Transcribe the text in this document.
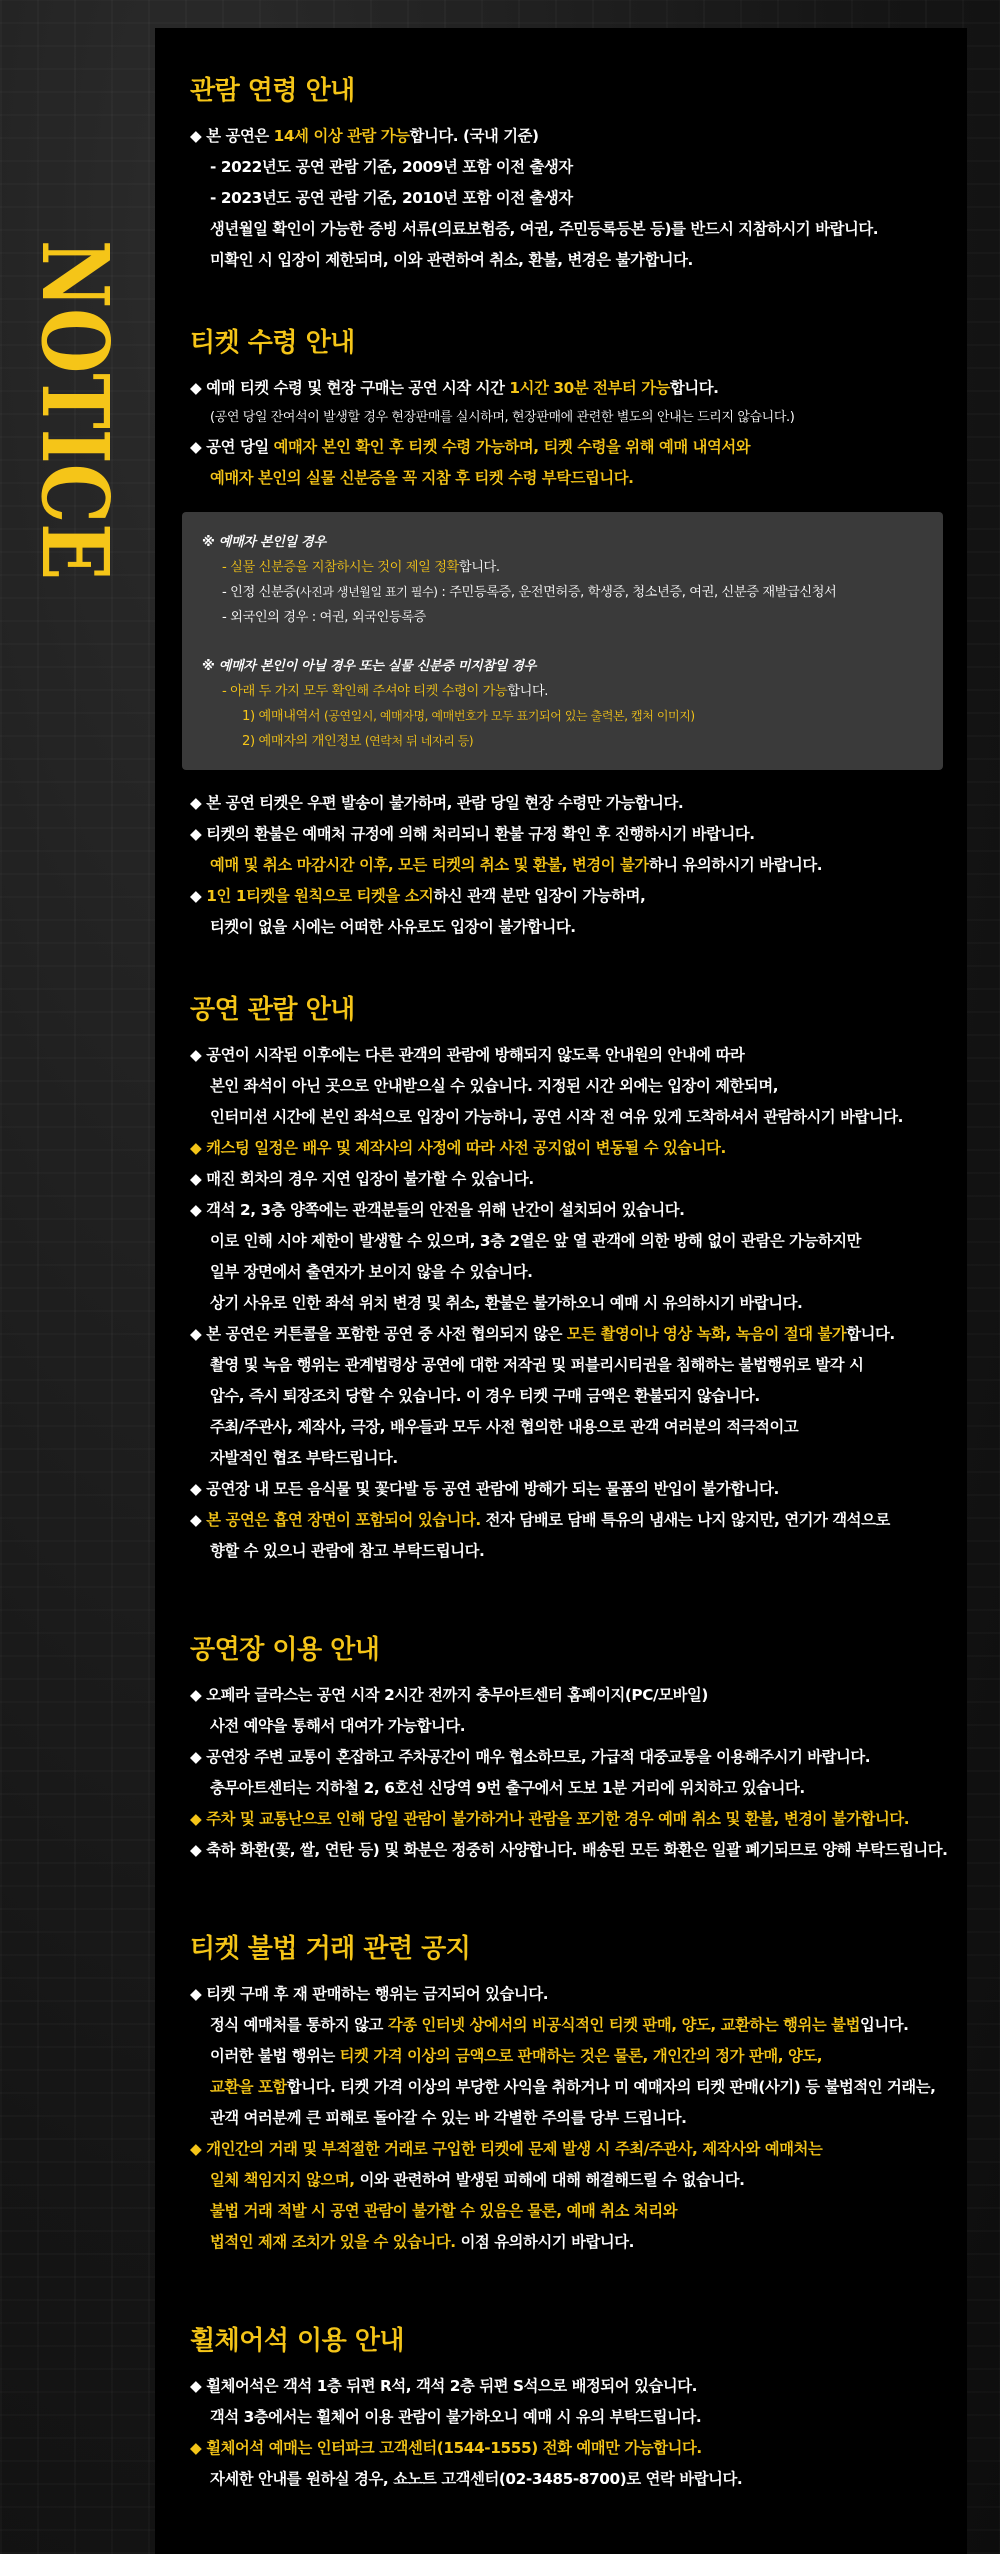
NOTICE
관람 연령 안내
◆ 본 공연은 14세 이상 관람 가능합니다. (국내 기준)
- 2022년도 공연 관람 기준, 2009년 포함 이전 출생자
- 2023년도 공연 관람 기준, 2010년 포함 이전 출생자
생년월일 확인이 가능한 증빙 서류(의료보험증, 여권, 주민등록등본 등)를 반드시 지참하시기 바랍니다.
미확인 시 입장이 제한되며, 이와 관련하여 취소, 환불, 변경은 불가합니다.
티켓 수령 안내
◆ 예매 티켓 수령 및 현장 구매는 공연 시작 시간 1시간 30분 전부터 가능합니다.
(공연 당일 잔여석이 발생할 경우 현장판매를 실시하며, 현장판매에 관련한 별도의 안내는 드리지 않습니다.)
◆ 공연 당일 예매자 본인 확인 후 티켓 수령 가능하며, 티켓 수령을 위해 예매 내역서와
예매자 본인의 실물 신분증을 꼭 지참 후 티켓 수령 부탁드립니다.
※ 예매자 본인일 경우
- 실물 신분증을 지참하시는 것이 제일 정확합니다.
- 인정 신분증(사진과 생년월일 표기 필수) : 주민등록증, 운전면허증, 학생증, 청소년증, 여권, 신분증 재발급신청서
- 외국인의 경우 : 여권, 외국인등록증
※ 예매자 본인이 아닐 경우 또는 실물 신분증 미지참일 경우
- 아래 두 가지 모두 확인해 주셔야 티켓 수령이 가능합니다.
1) 예매내역서 (공연일시, 예매자명, 예매번호가 모두 표기되어 있는 출력본, 캡처 이미지)
2) 예매자의 개인정보 (연락처 뒤 네자리 등)
◆ 본 공연 티켓은 우편 발송이 불가하며, 관람 당일 현장 수령만 가능합니다.
◆ 티켓의 환불은 예매처 규정에 의해 처리되니 환불 규정 확인 후 진행하시기 바랍니다.
예매 및 취소 마감시간 이후, 모든 티켓의 취소 및 환불, 변경이 불가하니 유의하시기 바랍니다.
◆ 1인 1티켓을 원칙으로 티켓을 소지하신 관객 분만 입장이 가능하며,
티켓이 없을 시에는 어떠한 사유로도 입장이 불가합니다.
공연 관람 안내
◆ 공연이 시작된 이후에는 다른 관객의 관람에 방해되지 않도록 안내원의 안내에 따라
본인 좌석이 아닌 곳으로 안내받으실 수 있습니다. 지정된 시간 외에는 입장이 제한되며,
인터미션 시간에 본인 좌석으로 입장이 가능하니, 공연 시작 전 여유 있게 도착하셔서 관람하시기 바랍니다.
◆ 캐스팅 일정은 배우 및 제작사의 사정에 따라 사전 공지없이 변동될 수 있습니다.
◆ 매진 회차의 경우 지연 입장이 불가할 수 있습니다.
◆ 객석 2, 3층 양쪽에는 관객분들의 안전을 위해 난간이 설치되어 있습니다.
이로 인해 시야 제한이 발생할 수 있으며, 3층 2열은 앞 열 관객에 의한 방해 없이 관람은 가능하지만
일부 장면에서 출연자가 보이지 않을 수 있습니다.
상기 사유로 인한 좌석 위치 변경 및 취소, 환불은 불가하오니 예매 시 유의하시기 바랍니다.
◆ 본 공연은 커튼콜을 포함한 공연 중 사전 협의되지 않은 모든 촬영이나 영상 녹화, 녹음이 절대 불가합니다.
촬영 및 녹음 행위는 관계법령상 공연에 대한 저작권 및 퍼블리시티권을 침해하는 불법행위로 발각 시
압수, 즉시 퇴장조치 당할 수 있습니다. 이 경우 티켓 구매 금액은 환불되지 않습니다.
주최/주관사, 제작사, 극장, 배우들과 모두 사전 협의한 내용으로 관객 여러분의 적극적이고
자발적인 협조 부탁드립니다.
◆ 공연장 내 모든 음식물 및 꽃다발 등 공연 관람에 방해가 되는 물품의 반입이 불가합니다.
◆ 본 공연은 흡연 장면이 포함되어 있습니다. 전자 담배로 담배 특유의 냄새는 나지 않지만, 연기가 객석으로
향할 수 있으니 관람에 참고 부탁드립니다.
공연장 이용 안내
◆ 오페라 글라스는 공연 시작 2시간 전까지 충무아트센터 홈페이지(PC/모바일)
사전 예약을 통해서 대여가 가능합니다.
◆ 공연장 주변 교통이 혼잡하고 주차공간이 매우 협소하므로, 가급적 대중교통을 이용해주시기 바랍니다.
충무아트센터는 지하철 2, 6호선 신당역 9번 출구에서 도보 1분 거리에 위치하고 있습니다.
◆ 주차 및 교통난으로 인해 당일 관람이 불가하거나 관람을 포기한 경우 예매 취소 및 환불, 변경이 불가합니다.
◆ 축하 화환(꽃, 쌀, 연탄 등) 및 화분은 정중히 사양합니다. 배송된 모든 화환은 일괄 폐기되므로 양해 부탁드립니다.
티켓 불법 거래 관련 공지
◆ 티켓 구매 후 재 판매하는 행위는 금지되어 있습니다.
정식 예매처를 통하지 않고 각종 인터넷 상에서의 비공식적인 티켓 판매, 양도, 교환하는 행위는 불법입니다.
이러한 불법 행위는 티켓 가격 이상의 금액으로 판매하는 것은 물론, 개인간의 정가 판매, 양도,
교환을 포함합니다. 티켓 가격 이상의 부당한 사익을 취하거나 미 예매자의 티켓 판매(사기) 등 불법적인 거래는,
관객 여러분께 큰 피해로 돌아갈 수 있는 바 각별한 주의를 당부 드립니다.
◆ 개인간의 거래 및 부적절한 거래로 구입한 티켓에 문제 발생 시 주최/주관사, 제작사와 예매처는
일체 책임지지 않으며, 이와 관련하여 발생된 피해에 대해 해결해드릴 수 없습니다.
불법 거래 적발 시 공연 관람이 불가할 수 있음은 물론, 예매 취소 처리와
법적인 제재 조치가 있을 수 있습니다. 이점 유의하시기 바랍니다.
휠체어석 이용 안내
◆ 휠체어석은 객석 1층 뒤편 R석, 객석 2층 뒤편 S석으로 배정되어 있습니다.
객석 3층에서는 휠체어 이용 관람이 불가하오니 예매 시 유의 부탁드립니다.
◆ 휠체어석 예매는 인터파크 고객센터(1544-1555) 전화 예매만 가능합니다.
자세한 안내를 원하실 경우, 쇼노트 고객센터(02-3485-8700)로 연락 바랍니다.
